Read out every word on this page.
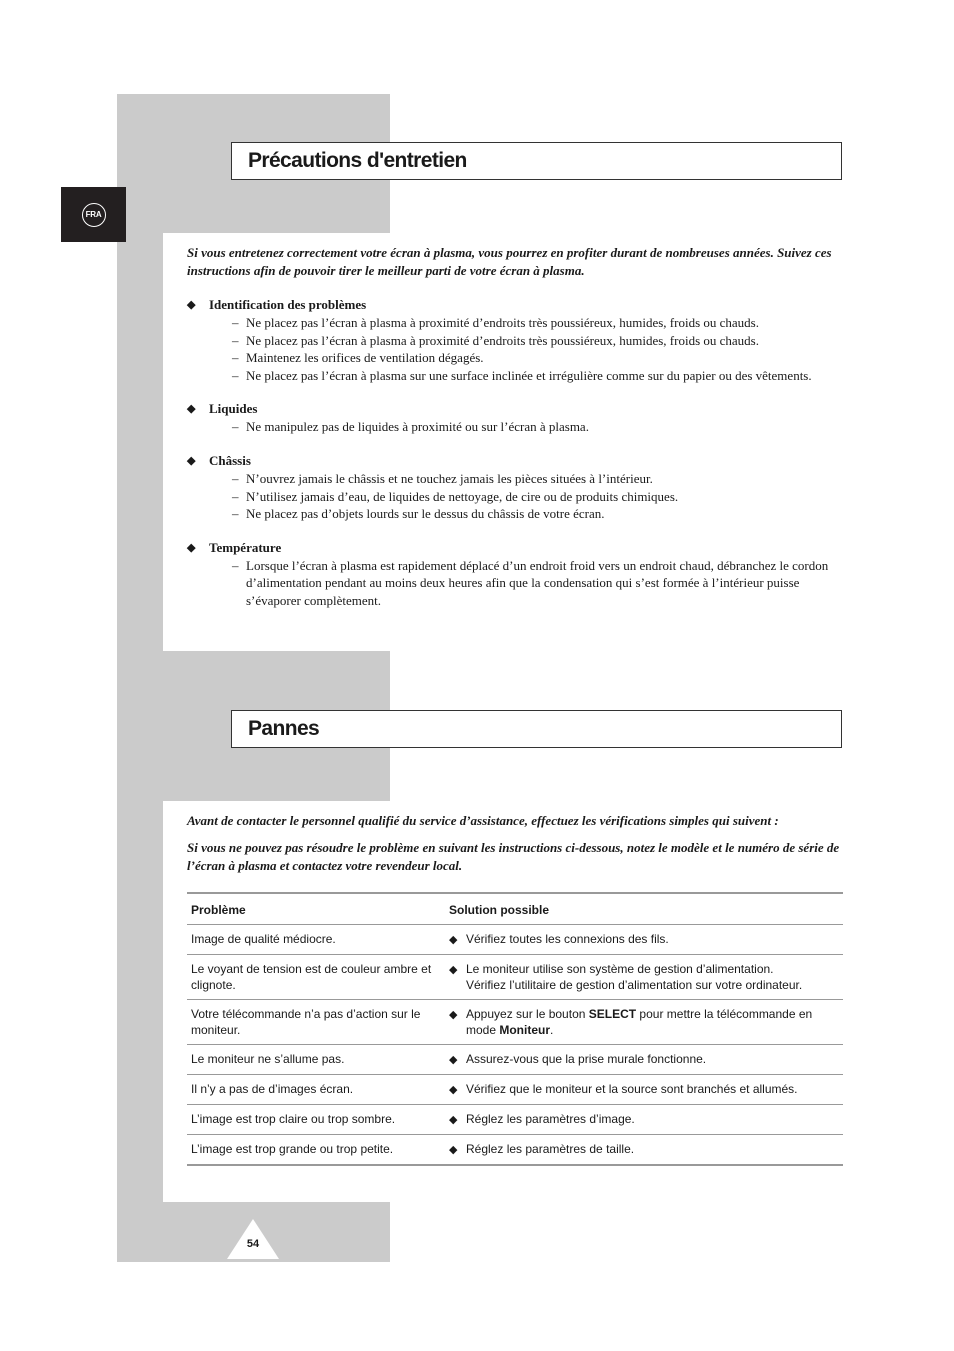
FRA
Précautions d'entretien

Si vous entretenez correctement votre écran à plasma, vous pourrez en profiter durant de nombreuses années. Suivez ces instructions afin de pouvoir tirer le meilleur parti de votre écran à plasma.

◆	Identification des problèmes
– Ne placez pas l’écran à plasma à proximité d’endroits très poussiéreux, humides, froids ou chauds.
– Ne placez pas l’écran à plasma à proximité d’endroits très poussiéreux, humides, froids ou chauds.
– Maintenez les orifices de ventilation dégagés.
– Ne placez pas l’écran à plasma sur une surface inclinée et irrégulière comme sur du papier ou des vêtements.
◆	Liquides
– Ne manipulez pas de liquides à proximité ou sur l’écran à plasma.
◆	Châssis
– N’ouvrez jamais le châssis et ne touchez jamais les pièces situées à l’intérieur.
– N’utilisez jamais d’eau, de liquides de nettoyage, de cire ou de produits chimiques.
– Ne placez pas d’objets lourds sur le dessus du châssis de votre écran.
◆	Température
– Lorsque l’écran à plasma est rapidement déplacé d’un endroit froid vers un endroit chaud, débranchez le cordon d’alimentation pendant au moins deux heures afin que la condensation qui s’est formée à l’intérieur puisse s’évaporer complètement.
Pannes

Avant de contacter le personnel qualifié du service d’assistance, effectuez les vérifications simples qui suivent :

Si vous ne pouvez pas résoudre le problème en suivant les instructions ci-dessous, notez le modèle et le numéro de série de l’écran à plasma et contactez votre revendeur local.

Problème	Solution possible
Image de qualité médiocre.	◆ Vérifiez toutes les connexions des fils.

Le voyant de tension est de couleur ambre et clignote.	◆ Le moniteur utilise son système de gestion d’alimentation.
Vérifiez l’utilitaire de gestion d’alimentation sur votre ordinateur.

Votre télécommande n’a pas d’action sur le moniteur.	◆ Appuyez sur le bouton SELECT pour mettre la télécommande en mode Moniteur.

Le moniteur ne s’allume pas.	◆ Assurez-vous que la prise murale fonctionne.

Il n’y a pas de d’images écran.	◆ Vérifiez que le moniteur et la source sont branchés et allumés.

L’image est trop claire ou trop sombre.	◆ Réglez les paramètres d’image.

L’image est trop grande ou trop petite.	◆ Réglez les paramètres de taille.
54
